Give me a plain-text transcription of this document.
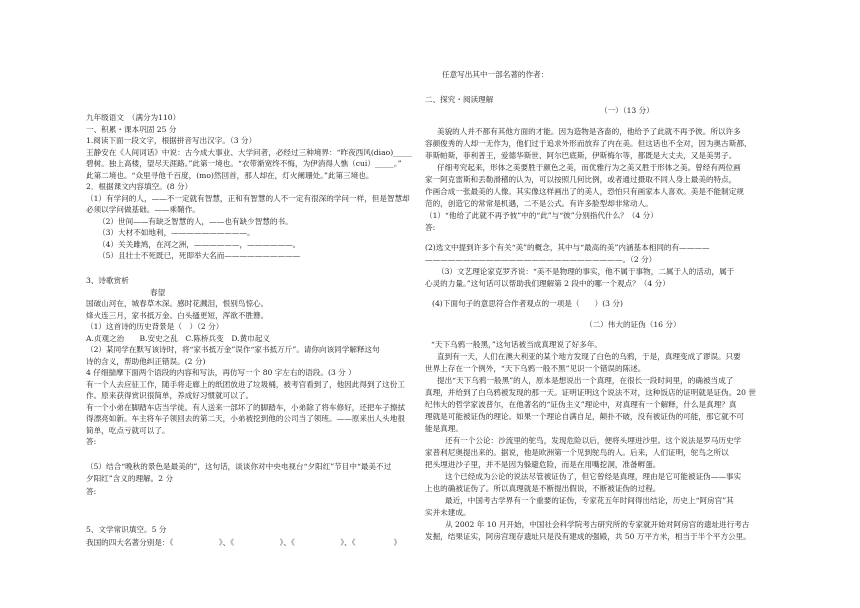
任意写出其中一部名著的作者：
九年级语文　（满分为110）
一、积累・课本巩固 25 分
1.阅读下面一段文字，根据拼音写出汉字。（3 分）
王静安在《人间词话》中说：古今成大事业、大学问者，必经过三种境界：“昨夜西风(diao)_____
碧树。独上高楼，望尽天涯路。”此第一境也。“衣带渐宽终不悔，为伊消得人憔（cui）_____。”
此第二境也。“众里寻他千百度，(mo)然回首，那人却在，灯火阑珊处。”此第三境也。
2．根据课文内容填空。(8 分）
（1）有学问的人，——不一定就有智慧，正和有智慧的人不一定有很深的学问一样，但是智慧却
必须以学问做基础。——乘鞘作。
（2）世间——有缺乏智慧的人，——也有缺少智慧的书。
（3）大材不如地利，——————————。
（4）关关雎鸠，在河之洲，——————，——————。
（5）且壮士不死既已，死即举大名而——————————
3、诗歌赏析
春望
国破山河在，城春草木深。感时花溅泪，恨别鸟惊心。
烽火连三月，家书抵万金。白头搔更短，浑欲不胜簪。
（1）这首诗的历史背景是（　）（2 分）
A.贞观之治　　B.安史之乱　C.陈桥兵变　D.黄巾起义
（2）某同学在默写该诗时，将“家书抵万金”误作“家书抵万斤”。请你向该同学解释这句
诗的含义，帮助他纠正错误。(2 分)
4 仔细揣摩下面两个语段的内容和写法，再仿写一个 80 字左右的语段。(3 分 ）
有一个人去应征工作，随手将走廊上的纸团放进了垃圾桶，被考官看到了，他因此得到了这份工
作。原来获得赏识很简单，养成好习惯就可以了。
有一个小弟在脚踏车店当学徒。有人送来一部坏了的脚踏车，小弟除了将车修好，还把车子擦拭
得漂亮如新。车主将车子领回去的第二天，小弟被挖到他的公司当了领班。——原来出人头地很
简单，吃点亏就可以了。
答:
（5）结合“晚秋的景色是最美的”，这句话，谈谈你对中央电视台“夕阳红”节目中“最美不过
夕阳红”含义的理解。2 分
答:
5、文学常识填空。5 分
我国的四大名著分别是：《　　　　　　》、《　　　　　　》、《　　　　　　》、《　　　　　》
二、探究・阅读理解
（一）（13 分）
美貌的人并不都有其他方面的才能。因为造物是吝啬的，他给予了此就不再予彼。所以许多
容颜俊秀的人却一无作为，他们过于追求外形而放弃了内在美。但这话也不全对，因为奥古斯都、
菲斯帕斯，菲利普王，爱德华斯世、阿尔巴底斯，伊斯梅尔等，都既是大丈夫，又是美男子。
仔细考究起来，形体之美要胜于颜色之美，而优雅行为之美又胜于形体之美。曾经有两位画
家一阿克雷斯和丢勒滑稽的认为，可以按照几何比例，或者通过摄取不同人身上最美的特点，
作画合成一张最美的人像。其实像这样画出了的美人，恐怕只有画家本人喜欢。美是不能制定规
范的，创造它的常常是机遇，二不是公式。有许多脸型却非常动人。
（1）“他给了此就不再予彼”中的“此”与“彼”分别指代什么？（4 分）
答:
(2)选文中提到许多个有关“美”的概念，其中与“最高的美”内涵基本相同的有————
——————————————————————————。（2 分）
（3）文艺理论家克罗齐说：“美不是物理的事实，他不属于事物，二属于人的活动，属于
心灵的力量。”这句话可以帮助我们理解第 2 段中的哪一个观点？（4 分）
(4)下面句子的意思符合作者观点的一项是（　　）(3 分)
（二）伟大的证伪（16 分）
“天下乌鸦一般黑，”这句话被当成真理说了好多年。
直到有一天，人们在澳大利亚的某个地方发现了白色的乌鸦，于是，真理变成了谬误。只要
世界上存在一个例外，“天下乌鸦一般不黑”见识一个错误的陈述。
提出“天下乌鸦一般黑”的人，原本是想说出一个真理，在很长一段时间里，的确被当成了
真理，并给到了白乌鸦被发现的那一天。证明证明这个说法不对，这种饭店的证明就是证伪。20 世
纪伟大的哲学家波普尔，在他著名的“证伪主义”理论中，对真理有一个解释，什么是真理？真
理就是可能被证伪的理论。如果一个理论自满自足，颠扑不破，没有被证伪的可能，那它就不可
能是真理。
还有一个公论：沙流里的鸵鸟，发现危险以后，便将头埋进沙里。这个说法是罗马历史学
家普利尼奥提出来的。据说，他是欧洲第一个见到鸵鸟的人。后来，人们证明，鸵鸟之所以
把头埋进沙子里，并不是因为躲避危险，而是在用嘴挖洞，准备孵蛋。
这个已经成为公论的说法尽管被证伪了，但它曾经是真理，理由是它可能被证伪——事实
上也的确被证伪了。所以真理就是不断提出假说，不断被证伪的过程。
最近，中国考古学界有一个重要的证伪，专家花五年时间得出结论，历史上“阿房宫”其
实并未建成。
从 2002 年 10 月开始，中国社会科学院考古研究所的专家就开始对阿房宫的遗址进行考古
发掘，结果证实，阿房宫现存遗址只是没有建成的强殿，共 50 万平方米，相当于半个平方公里。
